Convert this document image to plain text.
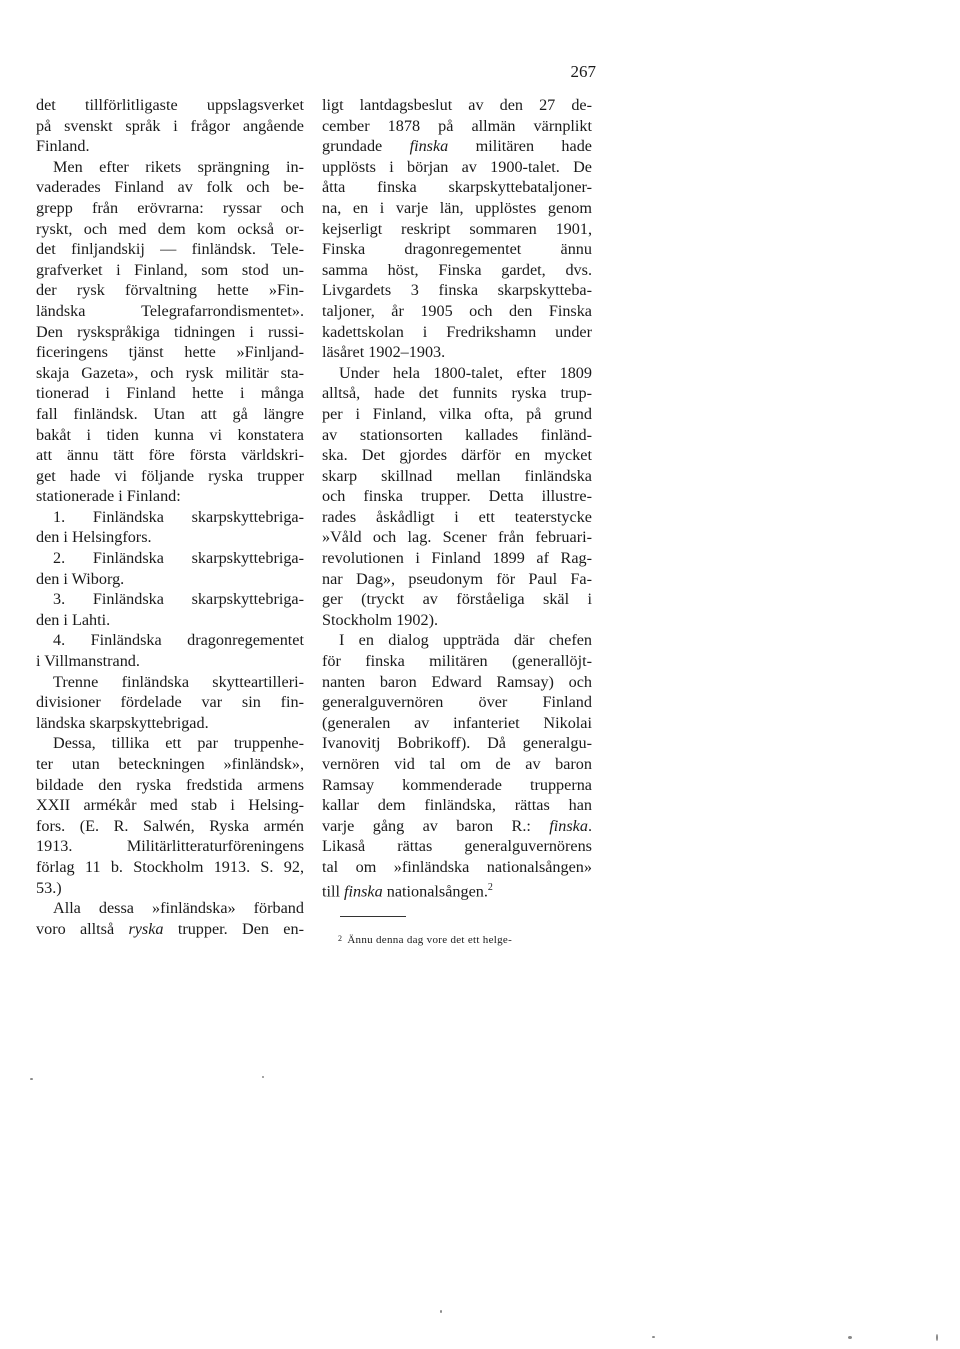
267
det tillförlitligaste uppslagsverket
på svenskt språk i frågor angående
Finland.
Men efter rikets sprängning in-
vaderades Finland av folk och be-
grepp från erövrarna: ryssar och
ryskt, och med dem kom också or-
det finljandskij — finländsk. Tele-
grafverket i Finland, som stod un-
der rysk förvaltning hette »Fin-
ländska Telegrafarrondismentet».
Den ryskspråkiga tidningen i russi-
ficeringens tjänst hette »Finljand-
skaja Gazeta», och rysk militär sta-
tionerad i Finland hette i många
fall finländsk. Utan att gå längre
bakåt i tiden kunna vi konstatera
att ännu tätt före första världskri-
get hade vi följande ryska trupper
stationerade i Finland:
1. Finländska skarpskyttebriga-
den i Helsingfors.
2. Finländska skarpskyttebriga-
den i Wiborg.
3. Finländska skarpskyttebriga-
den i Lahti.
4. Finländska dragonregementet
i Villmanstrand.
Trenne finländska skytteartilleri-
divisioner fördelade var sin fin-
ländska skarpskyttebrigad.
Dessa, tillika ett par truppenhe-
ter utan beteckningen »finländsk»,
bildade den ryska fredstida armens
XXII armékår med stab i Helsing-
fors. (E. R. Salwén, Ryska armén
1913. Militärlitteraturföreningens
förlag 11 b. Stockholm 1913. S. 92,
53.)
Alla dessa »finländska» förband
voro alltså ryska trupper. Den en-
ligt lantdagsbeslut av den 27 de-
cember 1878 på allmän värnplikt
grundade finska militären hade
upplösts i början av 1900-talet. De
åtta finska skarpskyttebataljoner-
na, en i varje län, upplöstes genom
kejserligt reskript sommaren 1901,
Finska dragonregementet ännu
samma höst, Finska gardet, dvs.
Livgardets 3 finska skarpskytteba-
taljoner, år 1905 och den Finska
kadettskolan i Fredrikshamn under
läsåret 1902–1903.
Under hela 1800-talet, efter 1809
alltså, hade det funnits ryska trup-
per i Finland, vilka ofta, på grund
av stationsorten kallades finländ-
ska. Det gjordes därför en mycket
skarp skillnad mellan finländska
och finska trupper. Detta illustre-
rades åskådligt i ett teaterstycke
»Våld och lag. Scener från februari-
revolutionen i Finland 1899 af Rag-
nar Dag», pseudonym för Paul Fa-
ger (tryckt av förståeliga skäl i
Stockholm 1902).
I en dialog uppträda där chefen
för finska militären (generallöjt-
nanten baron Edward Ramsay) och
generalguvernören över Finland
(generalen av infanteriet Nikolai
Ivanovitj Bobrikoff). Då generalgu-
vernören vid tal om de av baron
Ramsay kommenderade trupperna
kallar dem finländska, rättas han
varje gång av baron R.: finska.
Likaså rättas generalguvernörens
tal om »finländska nationalsången»
till finska nationalsången.$^2$
$^2$ Ännu denna dag vore det ett helge-
